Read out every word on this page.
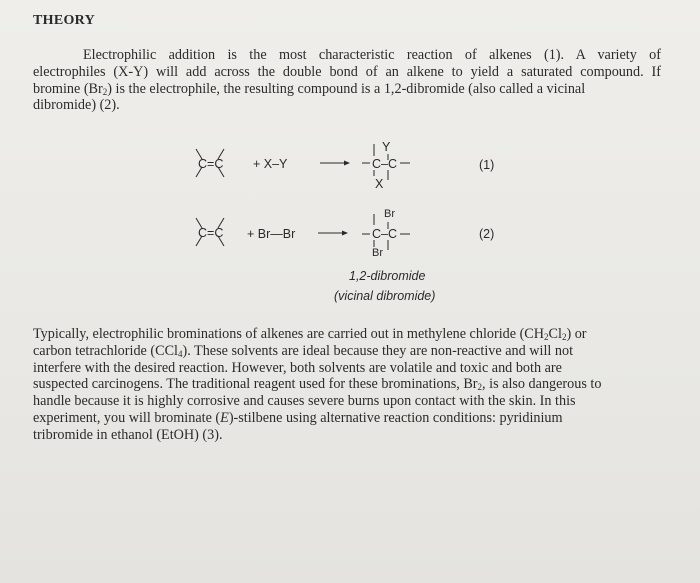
THEORY
Electrophilic addition is the most characteristic reaction of alkenes (1). A variety of
electrophiles (X-Y) will add across the double bond of an alkene to yield a saturated compound. If
bromine $(Br_2)$ is the electrophile, the resulting compound is a 1,2-dibromide (also called a vicinal
dibromide) (2).
C=C + X–Y
Y
X
C–C	(1)
C=C + Br—Br →
Br
Br
C–C	(2)
1,2-dibromide
(vicinal dibromide)
Typically, electrophilic brominations of alkenes are carried out in methylene chloride $(CH_2Cl_2)$ or
carbon tetrachloride (CCl$_4$). These solvents are ideal because they are non-reactive and will not
interfere with the desired reaction. However, both solvents are volatile and toxic and both are
suspected carcinogens. The traditional reagent used for these brominations, $Br_2$, is also dangerous to
handle because it is highly corrosive and causes severe burns upon contact with the skin. In this
experiment, you will brominate (E)-stilbene using alternative reaction conditions: pyridinium
tribromide in ethanol (EtOH) (3).
